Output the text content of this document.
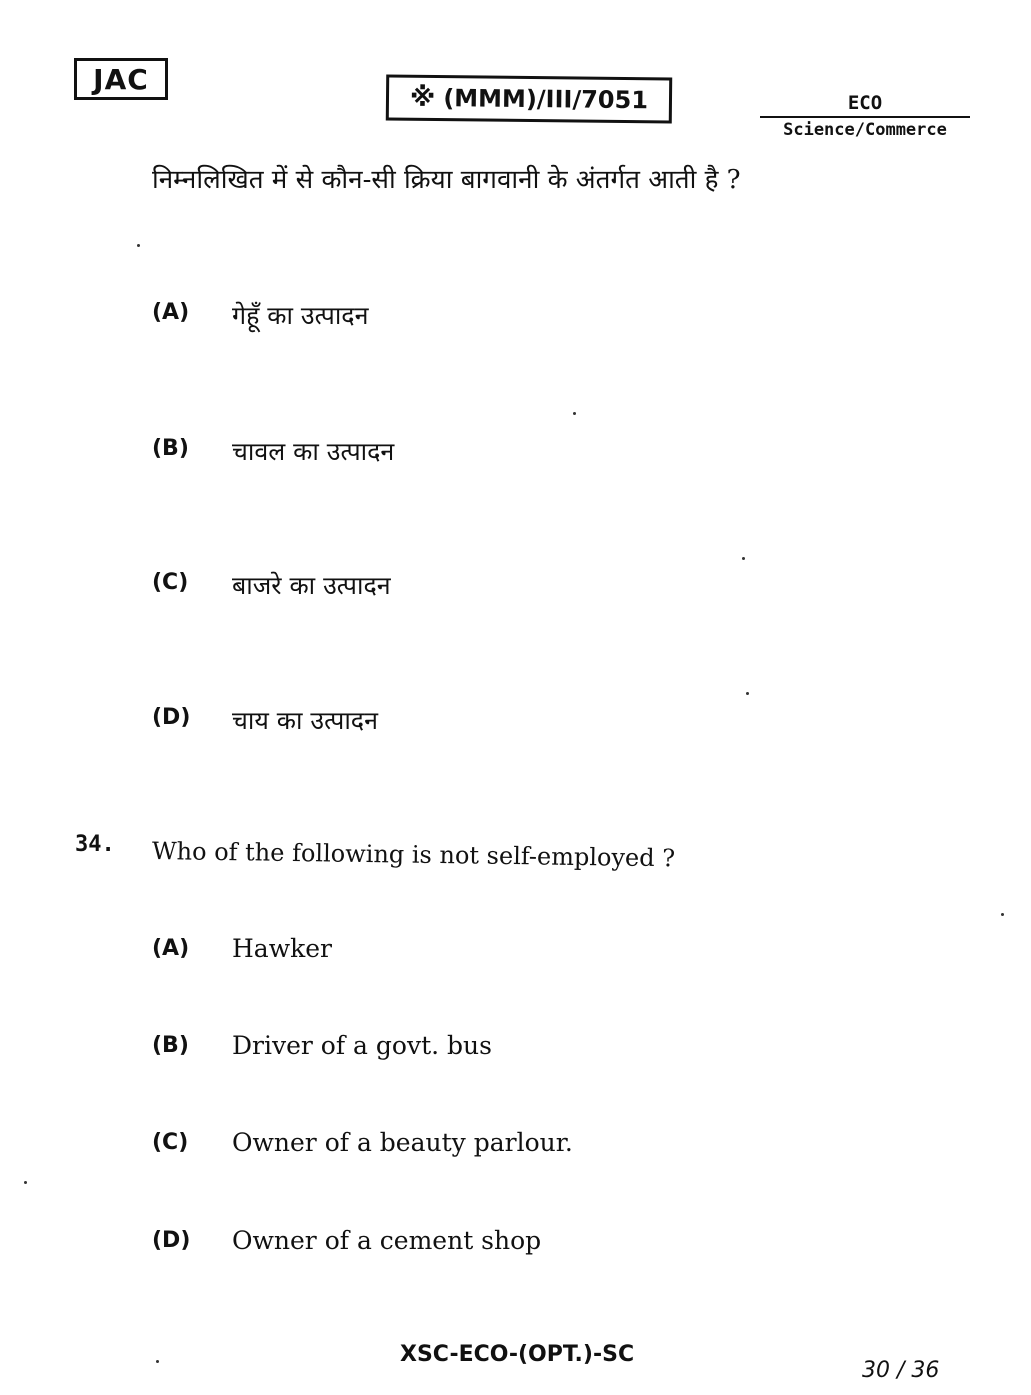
JAC
※ (MMM)/III/7051	ECO
Science/Commerce
निम्नलिखित में से कौन-सी क्रिया बागवानी के अंतर्गत आती है ?
(A) गेहूँ का उत्पादन
(B) चावल का उत्पादन
(C) बाजरे का उत्पादन
(D) चाय का उत्पादन
34. Who of the following is not self-employed ?
(A) Hawker
(B) Driver of a govt. bus
(C) Owner of a beauty parlour.
(D) Owner of a cement shop
XSC-ECO-(OPT.)-SC
30 / 36
